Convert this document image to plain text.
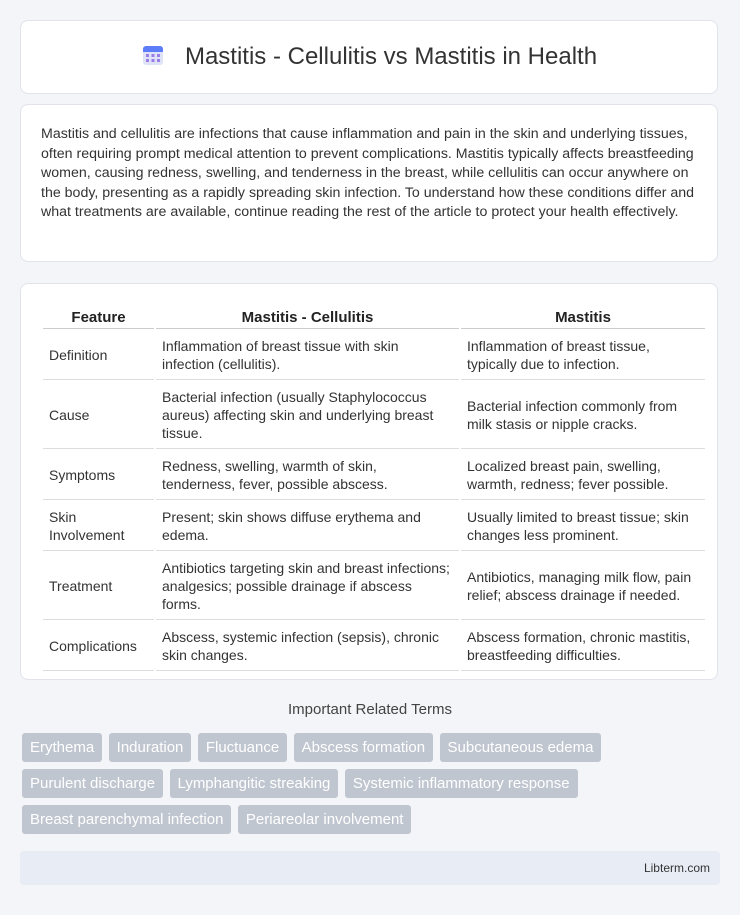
Mastitis - Cellulitis vs Mastitis in Health

Mastitis and cellulitis are infections that cause inflammation and pain in the skin and underlying tissues, often requiring prompt medical attention to prevent complications. Mastitis typically affects breastfeeding women, causing redness, swelling, and tenderness in the breast, while cellulitis can occur anywhere on the body, presenting as a rapidly spreading skin infection. To understand how these conditions differ and what treatments are available, continue reading the rest of the article to protect your health effectively.

Feature	Mastitis - Cellulitis	Mastitis
Definition	Inflammation of breast tissue with skin infection (cellulitis).	Inflammation of breast tissue, typically due to infection.
Cause	Bacterial infection (usually Staphylococcus aureus) affecting skin and underlying breast tissue.	Bacterial infection commonly from milk stasis or nipple cracks.
Symptoms	Redness, swelling, warmth of skin, tenderness, fever, possible abscess.	Localized breast pain, swelling, warmth, redness; fever possible.
Skin Involvement	Present; skin shows diffuse erythema and edema.	Usually limited to breast tissue; skin changes less prominent.
Treatment	Antibiotics targeting skin and breast infections; analgesics; possible drainage if abscess forms.	Antibiotics, managing milk flow, pain relief; abscess drainage if needed.
Complications	Abscess, systemic infection (sepsis), chronic skin changes.	Abscess formation, chronic mastitis, breastfeeding difficulties.
Important Related Terms
Erythema Induration Fluctuance Abscess formation Subcutaneous edema Purulent discharge Lymphangitic streaking Systemic inflammatory response Breast parenchymal infection Periareolar involvement
Libterm.com
